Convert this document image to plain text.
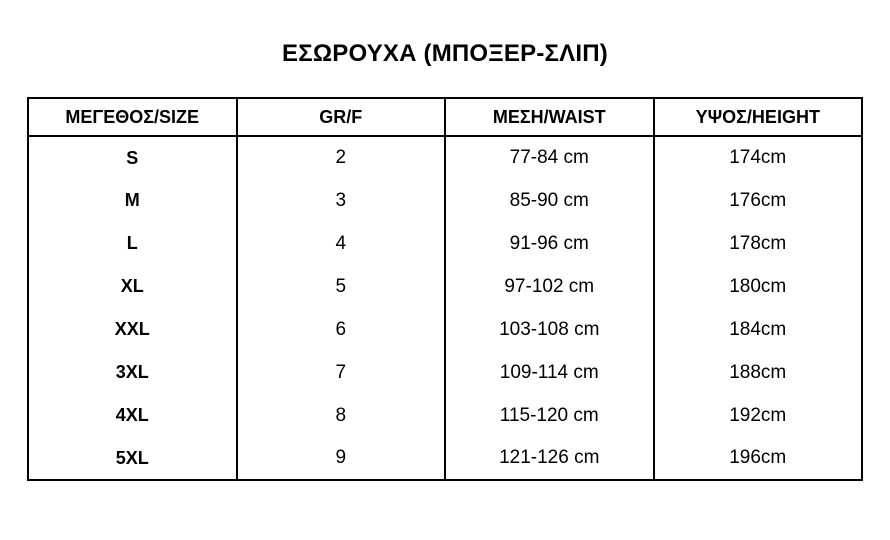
ΕΣΩΡΟΥΧΑ (ΜΠΟΞΕΡ-ΣΛΙΠ)
ΜΕΓΕΘΟΣ/SIZE	GR/F	ΜΕΣΗ/WAIST	ΥΨΟΣ/HEIGHT
S	2	77-84 cm	174cm
M	3	85-90 cm	176cm
L	4	91-96 cm	178cm
XL	5	97-102 cm	180cm
XXL	6	103-108 cm	184cm
3XL	7	109-114 cm	188cm
4XL	8	115-120 cm	192cm
5XL	9	121-126 cm	196cm
